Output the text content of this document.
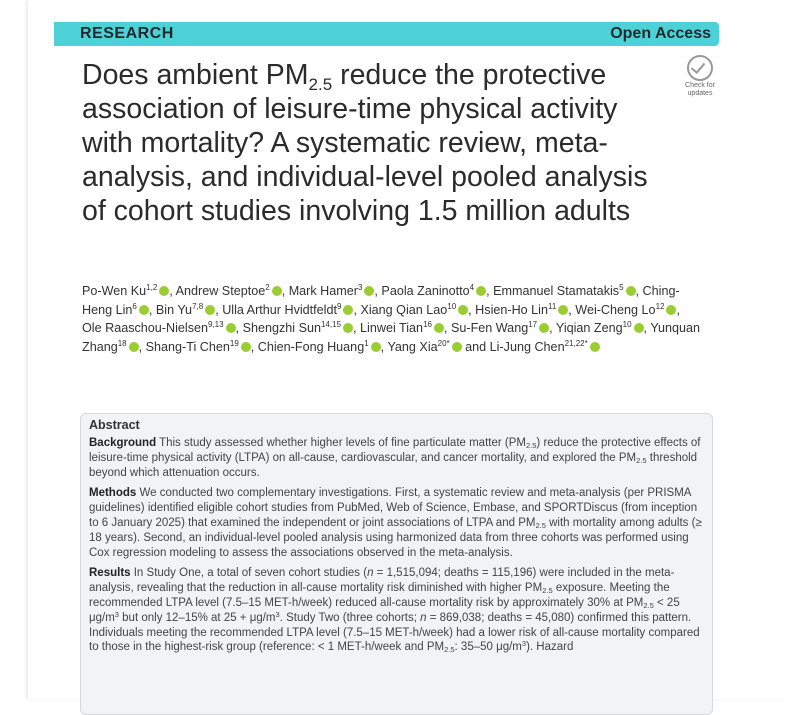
RESEARCH	Open Access
Check for
updates
Does ambient $PM_{2.5}$ reduce the protective association of leisure-time physical activity with mortality? A systematic review, meta-analysis, and individual-level pooled analysis of cohort studies involving 1.5 million adults
Po-Wen Ku$^{1,2}$ , Andrew Steptoe$^2$ , Mark Hamer$^3$ , Paola Zaninotto$^4$ , Emmanuel Stamatakis$^5$ , Ching-Heng Lin$^6$ , Bin Yu$^{7,8}$ , Ulla Arthur Hvidtfeldt$^9$ , Xiang Qian Lao$^{10}$ , Hsien-Ho Lin$^{11}$ , Wei-Cheng Lo$^{12}$ , Ole Raaschou-Nielsen$^{9,13}$ , Shengzhi Sun$^{14,15}$ , Linwei Tian$^{16}$ , Su-Fen Wang$^{17}$ , Yiqian Zeng$^{10}$ , Yunquan Zhang$^{18}$ , Shang-Ti Chen$^{19}$ , Chien-Fong Huang$^1$ , Yang Xia$^{20*}$ and Li-Jung Chen$^{21,22*}$
Abstract

Background This study assessed whether higher levels of fine particulate matter $(PM_{2.5})$ reduce the protective effects of leisure-time physical activity (LTPA) on all-cause, cardiovascular, and cancer mortality, and explored the $PM_{2.5}$ threshold beyond which attenuation occurs.

Methods We conducted two complementary investigations. First, a systematic review and meta-analysis (per PRISMA guidelines) identified eligible cohort studies from PubMed, Web of Science, Embase, and SPORTDiscus (from inception to 6 January 2025) that examined the independent or joint associations of LTPA and $PM_{2.5}$ with mortality among adults (≥ 18 years). Second, an individual-level pooled analysis using harmonized data from three cohorts was performed using Cox regression modeling to assess the associations observed in the meta-analysis.

Results In Study One, a total of seven cohort studies (n = 1,515,094; deaths = 115,196) were included in the meta-analysis, revealing that the reduction in all-cause mortality risk diminished with higher $PM_{2.5}$ exposure. Meeting the recommended LTPA level (7.5–15 MET-h/week) reduced all-cause mortality risk by approximately 30% at $PM_{2.5} < 25$ $\mu g/m^3$ but only 12–15% at $25 + \mu g/m^3$. Study Two (three cohorts; n = 869,038; deaths = 45,080) confirmed this pattern. Individuals meeting the recommended LTPA level (7.5–15 MET-h/week) had a lower risk of all-cause mortality compared to those in the highest-risk group (reference: < 1 MET-h/week and $PM_{2.5}$: 35–50 $\mu g/m^3$). Hazard
